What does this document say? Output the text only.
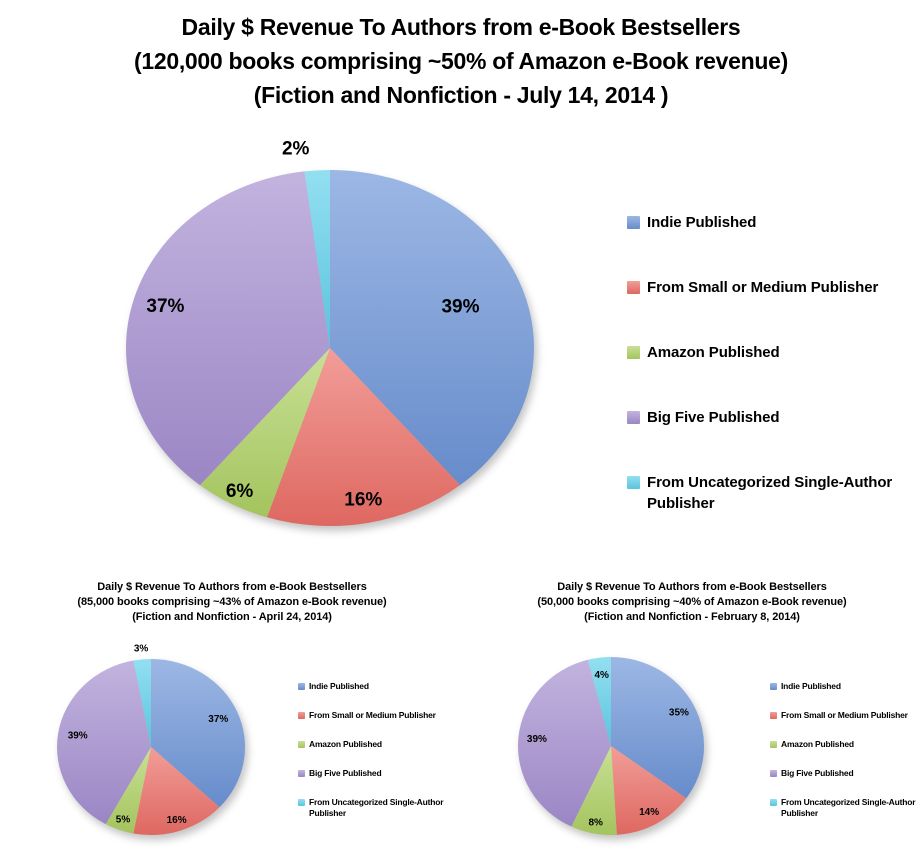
Daily $ Revenue To Authors from e-Book Bestsellers
(120,000 books comprising ~50% of Amazon e-Book revenue)
(Fiction and Nonfiction - July 14, 2014 )
39%
16%
6%
37%
2%
Indie Published
From Small or Medium Publisher
Amazon Published
Big Five Published
From Uncategorized Single-Author Publisher
Daily $ Revenue To Authors from e-Book Bestsellers
(85,000 books comprising ~43% of Amazon e-Book revenue)
(Fiction and Nonfiction - April 24, 2014)
37%
16%
5%
39%
3%
Indie Published
From Small or Medium Publisher
Amazon Published
Big Five Published
From Uncategorized Single-Author Publisher
Daily $ Revenue To Authors from e-Book Bestsellers
(50,000 books comprising ~40% of Amazon e-Book revenue)
(Fiction and Nonfiction - February 8, 2014)
35%
14%
8%
39%
4%
Indie Published
From Small or Medium Publisher
Amazon Published
Big Five Published
From Uncategorized Single-Author Publisher
